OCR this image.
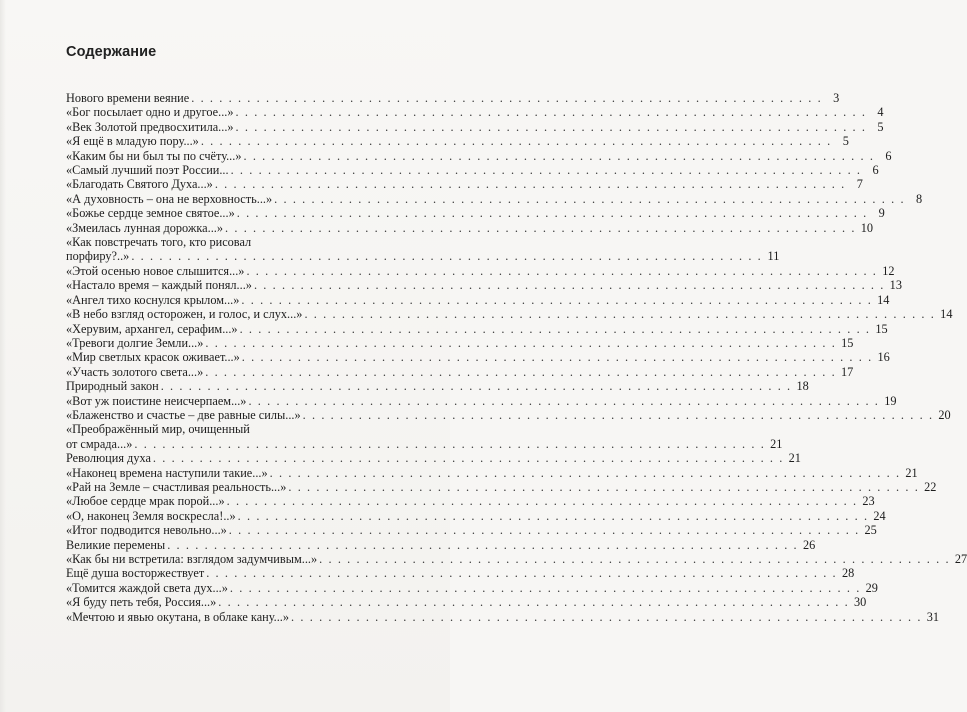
Содержание
Нового времени веяние . . . . . . . . . . . . . . . . . . . . . . . . . . . . . . . . . . . . . . . . . . . . . . . . . . . . . . . . . . . . . . . . . . . . 3
«Бог посылает одно и другое...» . . . . . . . . . . . . . . . . . . . . . . . . . . . . . . . . . . . . . . . . . . . . . . . . . . . . . . . . . . . . . . . . . . . . 4
«Век Золотой предвосхитила...» . . . . . . . . . . . . . . . . . . . . . . . . . . . . . . . . . . . . . . . . . . . . . . . . . . . . . . . . . . . . . . . . . . . . 5
«Я ещё в младую пору...» . . . . . . . . . . . . . . . . . . . . . . . . . . . . . . . . . . . . . . . . . . . . . . . . . . . . . . . . . . . . . . . . . . . . 5
«Каким бы ни был ты по счёту...» . . . . . . . . . . . . . . . . . . . . . . . . . . . . . . . . . . . . . . . . . . . . . . . . . . . . . . . . . . . . . . . . . . . . 6
«Самый лучший поэт России... . . . . . . . . . . . . . . . . . . . . . . . . . . . . . . . . . . . . . . . . . . . . . . . . . . . . . . . . . . . . . . . . . . . . 6
«Благодать Святого Духа...» . . . . . . . . . . . . . . . . . . . . . . . . . . . . . . . . . . . . . . . . . . . . . . . . . . . . . . . . . . . . . . . . . . . . 7
«А духовность – она не верховность...» . . . . . . . . . . . . . . . . . . . . . . . . . . . . . . . . . . . . . . . . . . . . . . . . . . . . . . . . . . . . . . . . . . . . 8
«Божье сердце земное святое...» . . . . . . . . . . . . . . . . . . . . . . . . . . . . . . . . . . . . . . . . . . . . . . . . . . . . . . . . . . . . . . . . . . . . 9
«Змеилась лунная дорожка...» . . . . . . . . . . . . . . . . . . . . . . . . . . . . . . . . . . . . . . . . . . . . . . . . . . . . . . . . . . . . . . . . . . . . 10
«Как повстречать того, кто рисовал
порфиру?..» . . . . . . . . . . . . . . . . . . . . . . . . . . . . . . . . . . . . . . . . . . . . . . . . . . . . . . . . . . . . . . . . . . . . 11
«Этой осенью новое слышится...» . . . . . . . . . . . . . . . . . . . . . . . . . . . . . . . . . . . . . . . . . . . . . . . . . . . . . . . . . . . . . . . . . . . . 12
«Настало время – каждый понял...» . . . . . . . . . . . . . . . . . . . . . . . . . . . . . . . . . . . . . . . . . . . . . . . . . . . . . . . . . . . . . . . . . . . . 13
«Ангел тихо коснулся крылом...» . . . . . . . . . . . . . . . . . . . . . . . . . . . . . . . . . . . . . . . . . . . . . . . . . . . . . . . . . . . . . . . . . . . . 14
«В небо взгляд осторожен, и голос, и слух...» . . . . . . . . . . . . . . . . . . . . . . . . . . . . . . . . . . . . . . . . . . . . . . . . . . . . . . . . . . . . . . . . . . . . 14
«Херувим, архангел, серафим...» . . . . . . . . . . . . . . . . . . . . . . . . . . . . . . . . . . . . . . . . . . . . . . . . . . . . . . . . . . . . . . . . . . . . 15
«Тревоги долгие Земли...» . . . . . . . . . . . . . . . . . . . . . . . . . . . . . . . . . . . . . . . . . . . . . . . . . . . . . . . . . . . . . . . . . . . . 15
«Мир светлых красок оживает...» . . . . . . . . . . . . . . . . . . . . . . . . . . . . . . . . . . . . . . . . . . . . . . . . . . . . . . . . . . . . . . . . . . . . 16
«Участь золотого света...» . . . . . . . . . . . . . . . . . . . . . . . . . . . . . . . . . . . . . . . . . . . . . . . . . . . . . . . . . . . . . . . . . . . . 17
Природный закон . . . . . . . . . . . . . . . . . . . . . . . . . . . . . . . . . . . . . . . . . . . . . . . . . . . . . . . . . . . . . . . . . . . . 18
«Вот уж поистине неисчерпаем...» . . . . . . . . . . . . . . . . . . . . . . . . . . . . . . . . . . . . . . . . . . . . . . . . . . . . . . . . . . . . . . . . . . . . 19
«Блаженство и счастье – две равные силы...» . . . . . . . . . . . . . . . . . . . . . . . . . . . . . . . . . . . . . . . . . . . . . . . . . . . . . . . . . . . . . . . . . . . . 20
«Преображённый мир, очищенный
от смрада...» . . . . . . . . . . . . . . . . . . . . . . . . . . . . . . . . . . . . . . . . . . . . . . . . . . . . . . . . . . . . . . . . . . . . 21
Революция духа . . . . . . . . . . . . . . . . . . . . . . . . . . . . . . . . . . . . . . . . . . . . . . . . . . . . . . . . . . . . . . . . . . . . 21
«Наконец времена наступили такие...» . . . . . . . . . . . . . . . . . . . . . . . . . . . . . . . . . . . . . . . . . . . . . . . . . . . . . . . . . . . . . . . . . . . . 21
«Рай на Земле – счастливая реальность...» . . . . . . . . . . . . . . . . . . . . . . . . . . . . . . . . . . . . . . . . . . . . . . . . . . . . . . . . . . . . . . . . . . . . 22
«Любое сердце мрак порой...» . . . . . . . . . . . . . . . . . . . . . . . . . . . . . . . . . . . . . . . . . . . . . . . . . . . . . . . . . . . . . . . . . . . . 23
«О, наконец Земля воскресла!..» . . . . . . . . . . . . . . . . . . . . . . . . . . . . . . . . . . . . . . . . . . . . . . . . . . . . . . . . . . . . . . . . . . . . 24
«Итог подводится невольно...» . . . . . . . . . . . . . . . . . . . . . . . . . . . . . . . . . . . . . . . . . . . . . . . . . . . . . . . . . . . . . . . . . . . . 25
Великие перемены . . . . . . . . . . . . . . . . . . . . . . . . . . . . . . . . . . . . . . . . . . . . . . . . . . . . . . . . . . . . . . . . . . . . 26
«Как бы ни встретила: взглядом задумчивым...» . . . . . . . . . . . . . . . . . . . . . . . . . . . . . . . . . . . . . . . . . . . . . . . . . . . . . . . . . . . . . . . . . . . . 27
Ещё душа восторжествует . . . . . . . . . . . . . . . . . . . . . . . . . . . . . . . . . . . . . . . . . . . . . . . . . . . . . . . . . . . . . . . . . . . . 28
«Томится жаждой света дух...» . . . . . . . . . . . . . . . . . . . . . . . . . . . . . . . . . . . . . . . . . . . . . . . . . . . . . . . . . . . . . . . . . . . . 29
«Я буду петь тебя, Россия...» . . . . . . . . . . . . . . . . . . . . . . . . . . . . . . . . . . . . . . . . . . . . . . . . . . . . . . . . . . . . . . . . . . . . 30
«Мечтою и явью окутана, в облаке кану...» . . . . . . . . . . . . . . . . . . . . . . . . . . . . . . . . . . . . . . . . . . . . . . . . . . . . . . . . . . . . . . . . . . . . 31
